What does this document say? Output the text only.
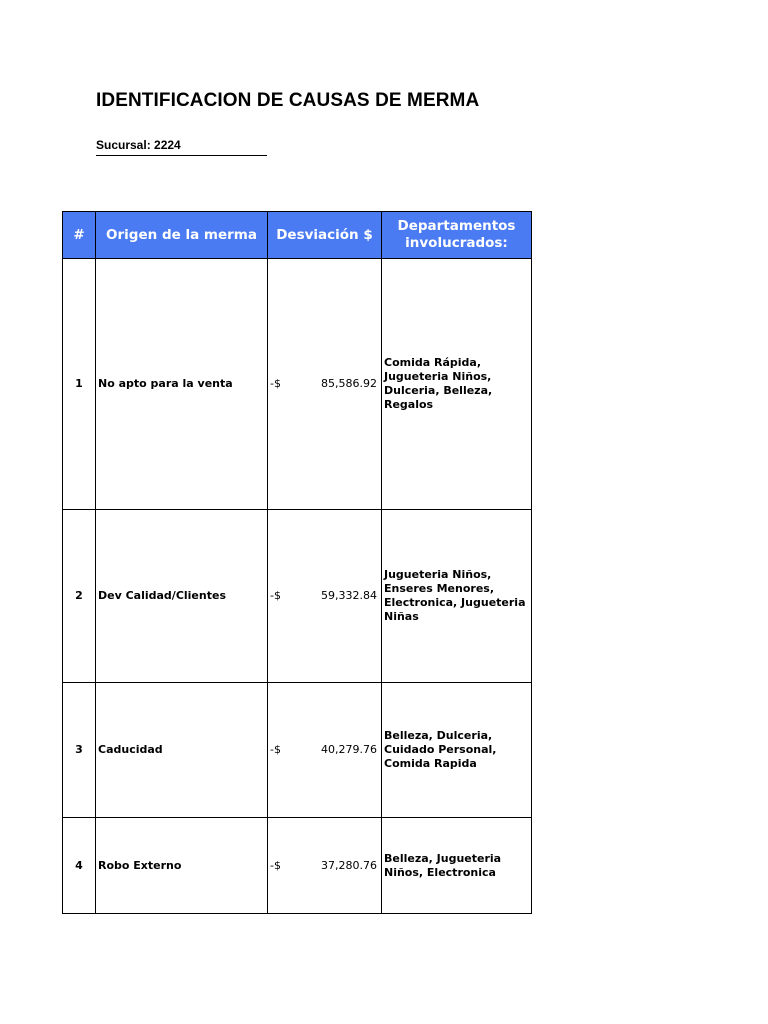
IDENTIFICACION DE CAUSAS DE MERMA
Sucursal: 2224
#	Origen de la merma	Desviación $	Departamentos involucrados:
1	No apto para la venta	-$ 85,586.92	Comida Rápida, Jugueteria Niños, Dulceria, Belleza, Regalos
2	Dev Calidad/Clientes	-$ 59,332.84	Jugueteria Niños, Enseres Menores, Electronica, Jugueteria Niñas
3	Caducidad	-$ 40,279.76	Belleza, Dulceria, Cuidado Personal, Comida Rapida
4	Robo Externo	-$ 37,280.76	Belleza, Jugueteria Niños, Electronica
